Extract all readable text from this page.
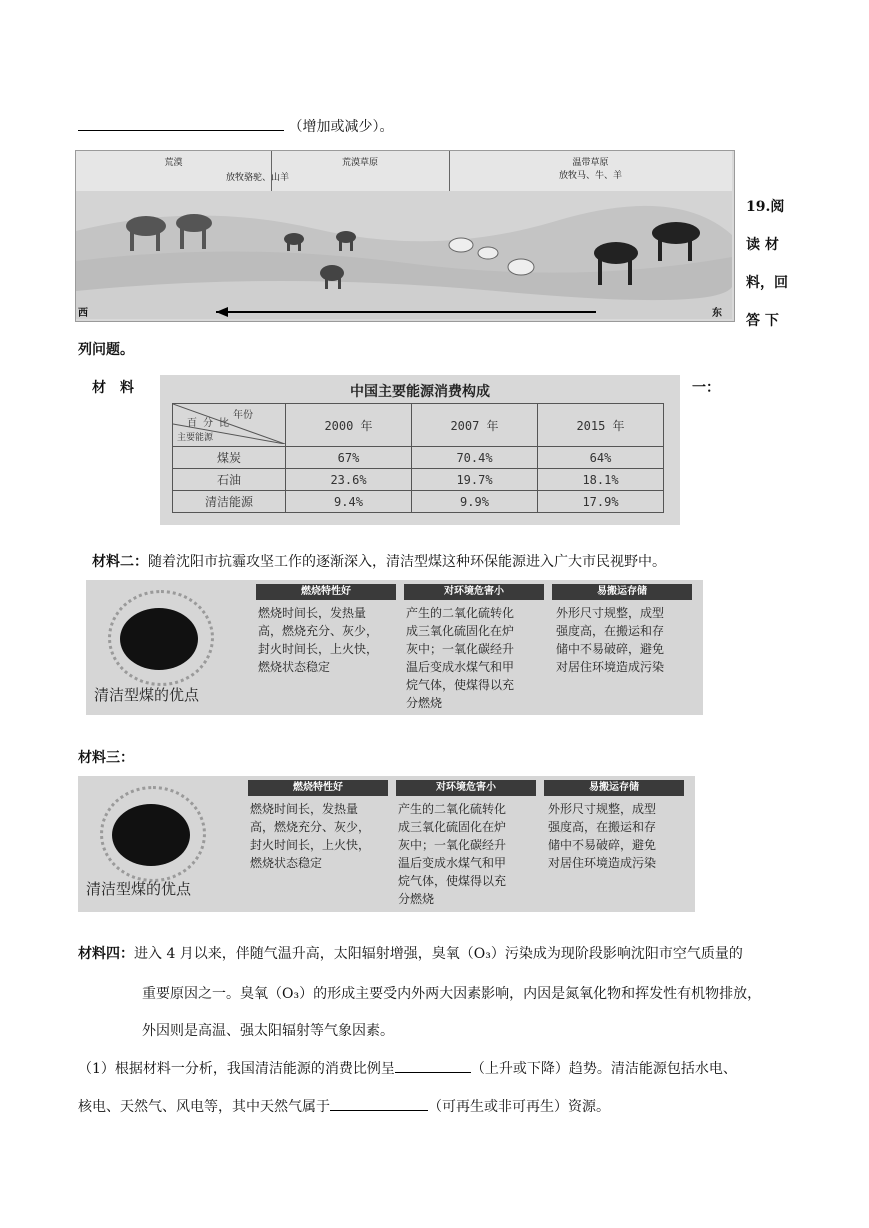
（增加或减少）。
荒漠	荒漠草原	温带草原
放牧马、牛、羊
放牧骆驼、山羊
西	东
19.阅
读 材
料，回
答 下
列问题。
材　料	一：
中国主要能源消费构成
年份
百 分 比
主要能源	2000 年	2007 年	2015 年
煤炭	67%	70.4%	64%
石油	23.6%	19.7%	18.1%
清洁能源	9.4%	9.9%	17.9%
材料二：随着沈阳市抗霾攻坚工作的逐渐深入，清洁型煤这种环保能源进入广大市民视野中。
清洁型煤的优点
燃烧特性好	对环境危害小	易搬运存储
燃烧时间长，发热量
高，燃烧充分、灰少，
封火时间长，上火快，
燃烧状态稳定
产生的二氧化硫转化
成三氧化硫固化在炉
灰中；一氧化碳经升
温后变成水煤气和甲
烷气体，使煤得以充
分燃烧
外形尺寸规整，成型
强度高，在搬运和存
储中不易破碎，避免
对居住环境造成污染
材料三：
清洁型煤的优点
燃烧特性好	对环境危害小	易搬运存储
燃烧时间长，发热量
高，燃烧充分、灰少，
封火时间长，上火快，
燃烧状态稳定
产生的二氧化硫转化
成三氧化硫固化在炉
灰中；一氧化碳经升
温后变成水煤气和甲
烷气体，使煤得以充
分燃烧
外形尺寸规整，成型
强度高，在搬运和存
储中不易破碎，避免
对居住环境造成污染
材料四：进入 4 月以来，伴随气温升高，太阳辐射增强，臭氧（O₃）污染成为现阶段影响沈阳市空气质量的
重要原因之一。臭氧（O₃）的形成主要受内外两大因素影响，内因是氮氧化物和挥发性有机物排放，
外因则是高温、强太阳辐射等气象因素。
（1）根据材料一分析，我国清洁能源的消费比例呈	（上升或下降）趋势。清洁能源包括水电、
核电、天然气、风电等，其中天然气属于	（可再生或非可再生）资源。
